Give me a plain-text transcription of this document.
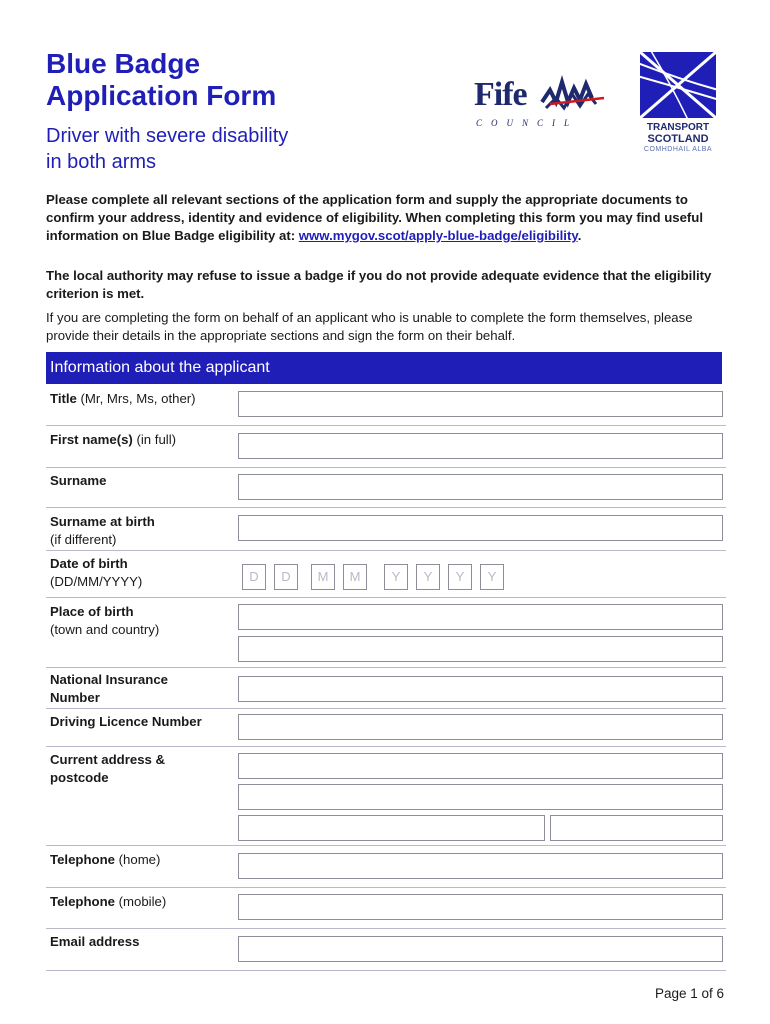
Blue Badge
Application Form
Driver with severe disability
in both arms
Fife
COUNCIL	TRANSPORT
SCOTLAND
COMHDHAIL ALBA
Please complete all relevant sections of the application form and supply the appropriate documents to confirm your address, identity and evidence of eligibility. When completing this form you may find useful information on Blue Badge eligibility at: www.mygov.scot/apply-blue-badge/eligibility.
The local authority may refuse to issue a badge if you do not provide adequate evidence that the eligibility criterion is met.
If you are completing the form on behalf of an applicant who is unable to complete the form themselves, please provide their details in the appropriate sections and sign the form on their behalf.
Information about the applicant
Title (Mr, Mrs, Ms, other)
First name(s) (in full)
Surname
Surname at birth
(if different)
Date of birth
(DD/MM/YYYY)	D	D	M	M	Y	Y	Y	Y
Place of birth
(town and country)
National Insurance
Number
Driving Licence Number
Current address &
postcode
Telephone (home)
Telephone (mobile)
Email address
Page 1 of 6
